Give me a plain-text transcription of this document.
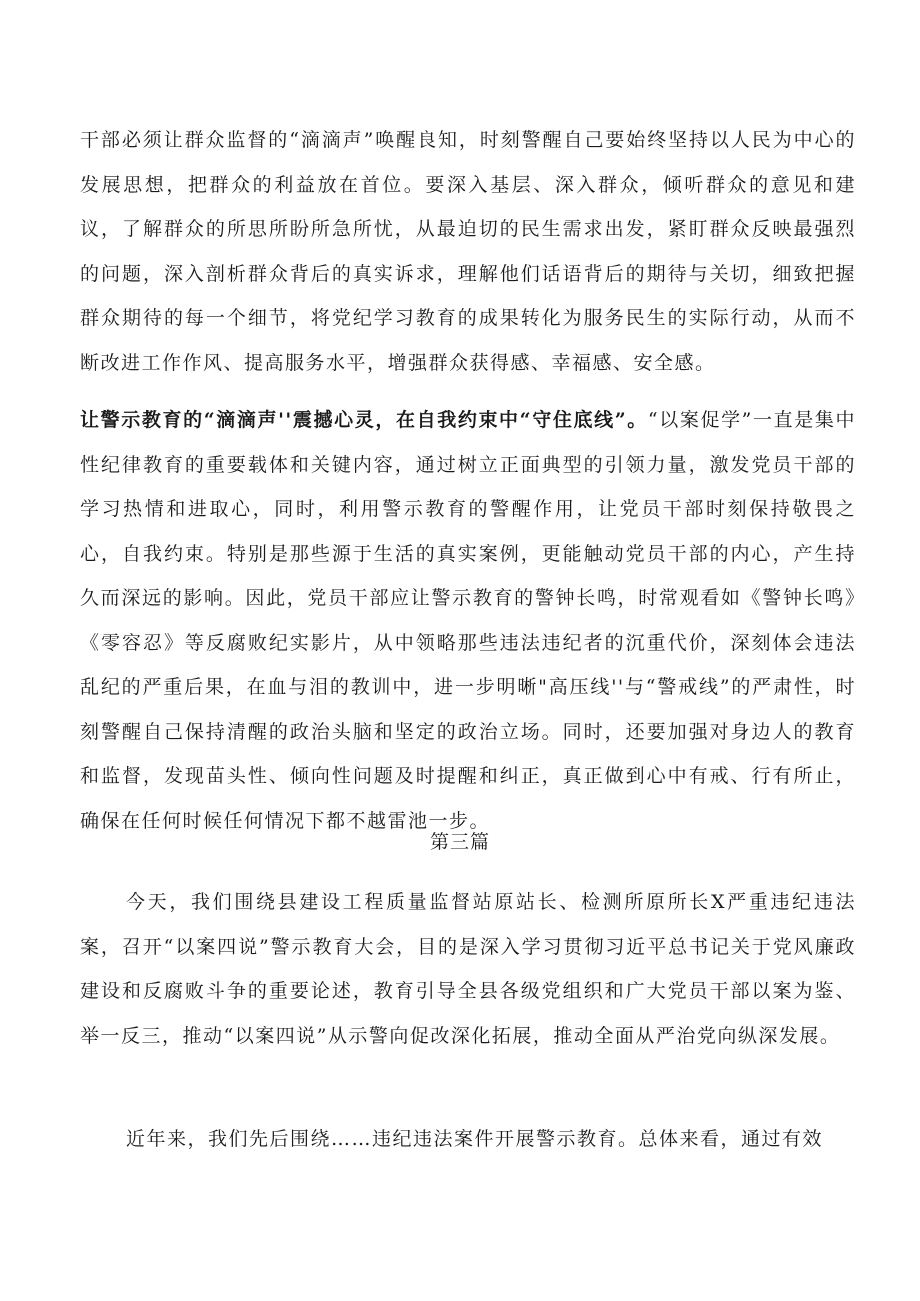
干部必须让群众监督的“滴滴声”唤醒良知，时刻警醒自己要始终坚持以人民为中心的发展思想，把群众的利益放在首位。要深入基层、深入群众，倾听群众的意见和建议，了解群众的所思所盼所急所忧，从最迫切的民生需求出发，紧盯群众反映最强烈的问题，深入剖析群众背后的真实诉求，理解他们话语背后的期待与关切，细致把握群众期待的每一个细节，将党纪学习教育的成果转化为服务民生的实际行动，从而不断改进工作作风、提高服务水平，增强群众获得感、幸福感、安全感。

让警示教育的“滴滴声''震撼心灵，在自我约束中“守住底线”。“以案促学”一直是集中性纪律教育的重要载体和关键内容，通过树立正面典型的引领力量，激发党员干部的学习热情和进取心，同时，利用警示教育的警醒作用，让党员干部时刻保持敬畏之心，自我约束。特别是那些源于生活的真实案例，更能触动党员干部的内心，产生持久而深远的影响。因此，党员干部应让警示教育的警钟长鸣，时常观看如《警钟长鸣》《零容忍》等反腐败纪实影片，从中领略那些违法违纪者的沉重代价，深刻体会违法乱纪的严重后果，在血与泪的教训中，进一步明晰"高压线''与“警戒线”的严肃性，时刻警醒自己保持清醒的政治头脑和坚定的政治立场。同时，还要加强对身边人的教育和监督，发现苗头性、倾向性问题及时提醒和纠正，真正做到心中有戒、行有所止，确保在任何时候任何情况下都不越雷池一步。

第三篇

今天，我们围绕县建设工程质量监督站原站长、检测所原所长X严重违纪违法案，召开“以案四说”警示教育大会，目的是深入学习贯彻习近平总书记关于党风廉政建设和反腐败斗争的重要论述，教育引导全县各级党组织和广大党员干部以案为鉴、举一反三，推动“以案四说”从示警向促改深化拓展，推动全面从严治党向纵深发展。

近年来，我们先后围绕……违纪违法案件开展警示教育。总体来看，通过有效
